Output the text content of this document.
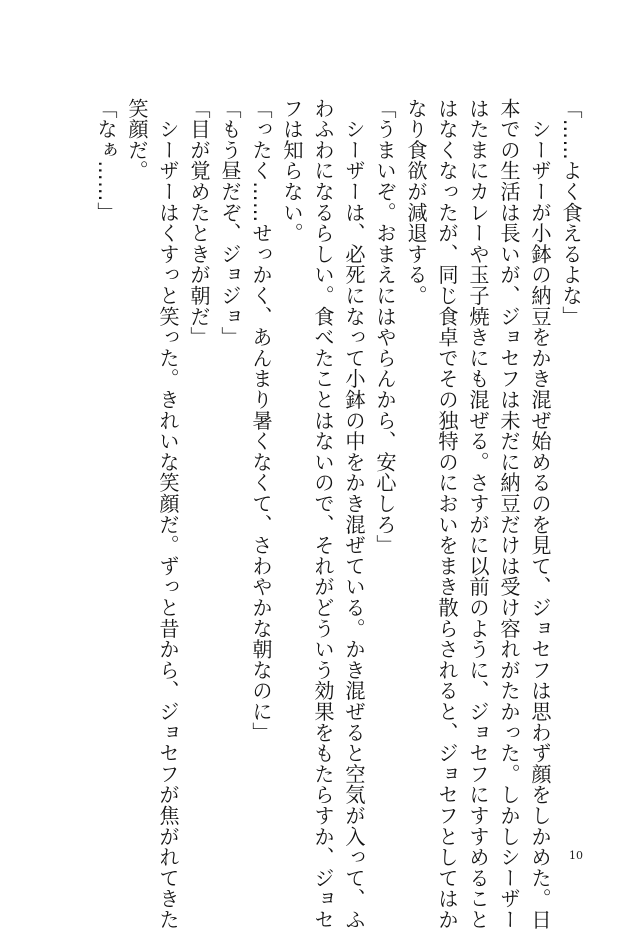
「……よく食えるよな」

　シーザーが小鉢の納豆をかき混ぜ始めるのを見て、ジョセフは思わず顔をしかめた。日

本での生活は長いが、ジョセフは未だに納豆だけは受け容れがたかった。しかしシーザー

はたまにカレーや玉子焼きにも混ぜる。さすがに以前のように、ジョセフにすすめること

はなくなったが、同じ食卓でその独特のにおいをまき散らされると、ジョセフとしてはか

なり食欲が減退する。

「うまいぞ。おまえにはやらんから、安心しろ」

　シーザーは、必死になって小鉢の中をかき混ぜている。かき混ぜると空気が入って、ふ

わふわになるらしい。食べたことはないので、それがどういう効果をもたらすか、ジョセ

フは知らない。

「ったく……せっかく、あんまり暑くなくて、さわやかな朝なのに」

「もう昼だぞ、ジョジョ」

「目が覚めたときが朝だ」

　シーザーはくすっと笑った。きれいな笑顔だ。ずっと昔から、ジョセフが焦がれてきた

笑顔だ。

「なぁ……」

10
